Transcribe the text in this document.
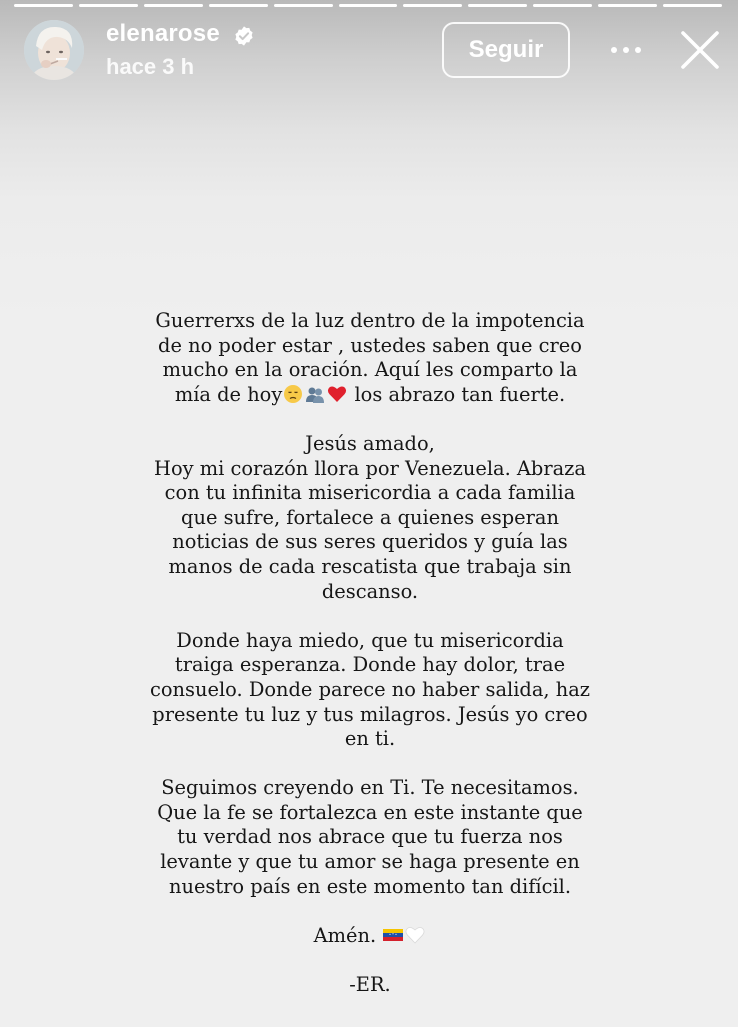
elenarose
hace 3 h
Seguir
Guerrerxs de la luz dentro de la impotencia
de no poder estar , ustedes saben que creo
mucho en la oración. Aquí les comparto la
mía de hoy	los abrazo tan fuerte.
Jesús amado,
Hoy mi corazón llora por Venezuela. Abraza
con tu infinita misericordia a cada familia
que sufre, fortalece a quienes esperan
noticias de sus seres queridos y guía las
manos de cada rescatista que trabaja sin
descanso.
Donde haya miedo, que tu misericordia
traiga esperanza. Donde hay dolor, trae
consuelo. Donde parece no haber salida, haz
presente tu luz y tus milagros. Jesús yo creo
en ti.
Seguimos creyendo en Ti. Te necesitamos.
Que la fe se fortalezca en este instante que
tu verdad nos abrace que tu fuerza nos
levante y que tu amor se haga presente en
nuestro país en este momento tan difícil.
Amén.
-ER.
